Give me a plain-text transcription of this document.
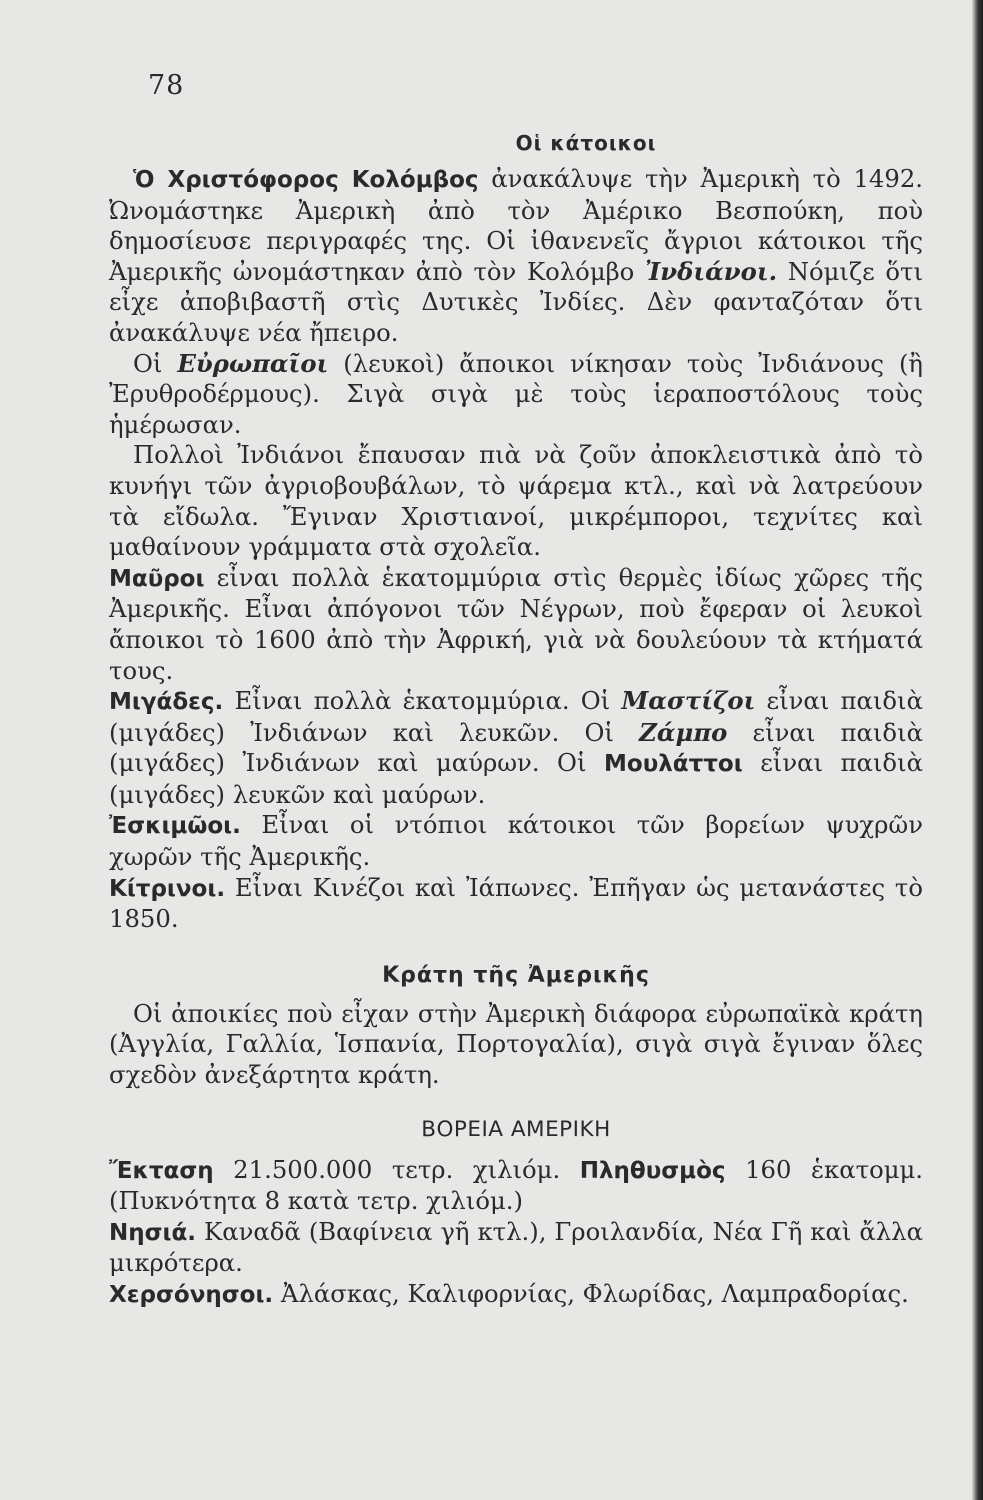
78
Οἱ κάτοικοι

Ὁ Χριστόφορος Κολόμβος ἀνακάλυψε τὴν Ἀμερικὴ τὸ 1492. Ὠνομάστηκε Ἀμερικὴ ἀπὸ τὸν Ἀμέρικο Βεσπούκη, ποὺ δημοσίευσε περιγραφές της. Οἱ ἰθανενεῖς ἄγριοι κάτοικοι τῆς Ἀμερικῆς ὠνομάστηκαν ἀπὸ τὸν Κολόμβο Ἰνδιάνοι. Νόμιζε ὅτι εἶχε ἀποβιβαστῆ στὶς Δυτικὲς Ἰνδίες. Δὲν φανταζόταν ὅτι ἀνακάλυψε νέα ἤπειρο.

Οἱ Εὐρωπαῖοι (λευκοὶ) ἄποικοι νίκησαν τοὺς Ἰνδιάνους (ἢ Ἐρυθροδέρμους). Σιγὰ σιγὰ μὲ τοὺς ἱεραποστόλους τοὺς ἡμέρωσαν.

Πολλοὶ Ἰνδιάνοι ἔπαυσαν πιὰ νὰ ζοῦν ἀποκλειστικὰ ἀπὸ τὸ κυνήγι τῶν ἀγριοβουβάλων, τὸ ψάρεμα κτλ., καὶ νὰ λατρεύουν τὰ εἴδωλα. Ἔγιναν Χριστιανοί, μικρέμποροι, τεχνίτες καὶ μαθαίνουν γράμματα στὰ σχολεῖα.

Μαῦροι εἶναι πολλὰ ἑκατομμύρια στὶς θερμὲς ἰδίως χῶρες τῆς Ἀμερικῆς. Εἶναι ἀπόγονοι τῶν Νέγρων, ποὺ ἔφεραν οἱ λευκοὶ ἄποικοι τὸ 1600 ἀπὸ τὴν Ἀφρική, γιὰ νὰ δουλεύουν τὰ κτήματά τους.

Μιγάδες. Εἶναι πολλὰ ἑκατομμύρια. Οἱ Μαστίζοι εἶναι παιδιὰ (μιγάδες) Ἰνδιάνων καὶ λευκῶν. Οἱ Ζάμπο εἶναι παιδιὰ (μιγάδες) Ἰνδιάνων καὶ μαύρων. Οἱ Μουλάττοι εἶναι παιδιὰ (μιγάδες) λευκῶν καὶ μαύρων.

Ἐσκιμῶοι. Εἶναι οἱ ντόπιοι κάτοικοι τῶν βορείων ψυχρῶν χωρῶν τῆς Ἀμερικῆς.

Κίτρινοι. Εἶναι Κινέζοι καὶ Ἰάπωνες. Ἐπῆγαν ὡς μετανάστες τὸ 1850.

Κράτη τῆς Ἀμερικῆς

Οἱ ἀποικίες ποὺ εἶχαν στὴν Ἀμερικὴ διάφορα εὐρωπαϊκὰ κράτη (Ἀγγλία, Γαλλία, Ἱσπανία, Πορτογαλία), σιγὰ σιγὰ ἔγιναν ὅλες σχεδὸν ἀνεξάρτητα κράτη.

ΒΟΡΕΙΑ ΑΜΕΡΙΚΗ

Ἔκταση 21.500.000 τετρ. χιλιόμ. Πληθυσμὸς 160 ἑκατομμ. (Πυκνότητα 8 κατὰ τετρ. χιλιόμ.)

Νησιά. Καναδᾶ (Βαφίνεια γῆ κτλ.), Γροιλανδία, Νέα Γῆ καὶ ἄλλα μικρότερα.

Χερσόνησοι. Ἀλάσκας, Καλιφορνίας, Φλωρίδας, Λαμπραδορίας.
